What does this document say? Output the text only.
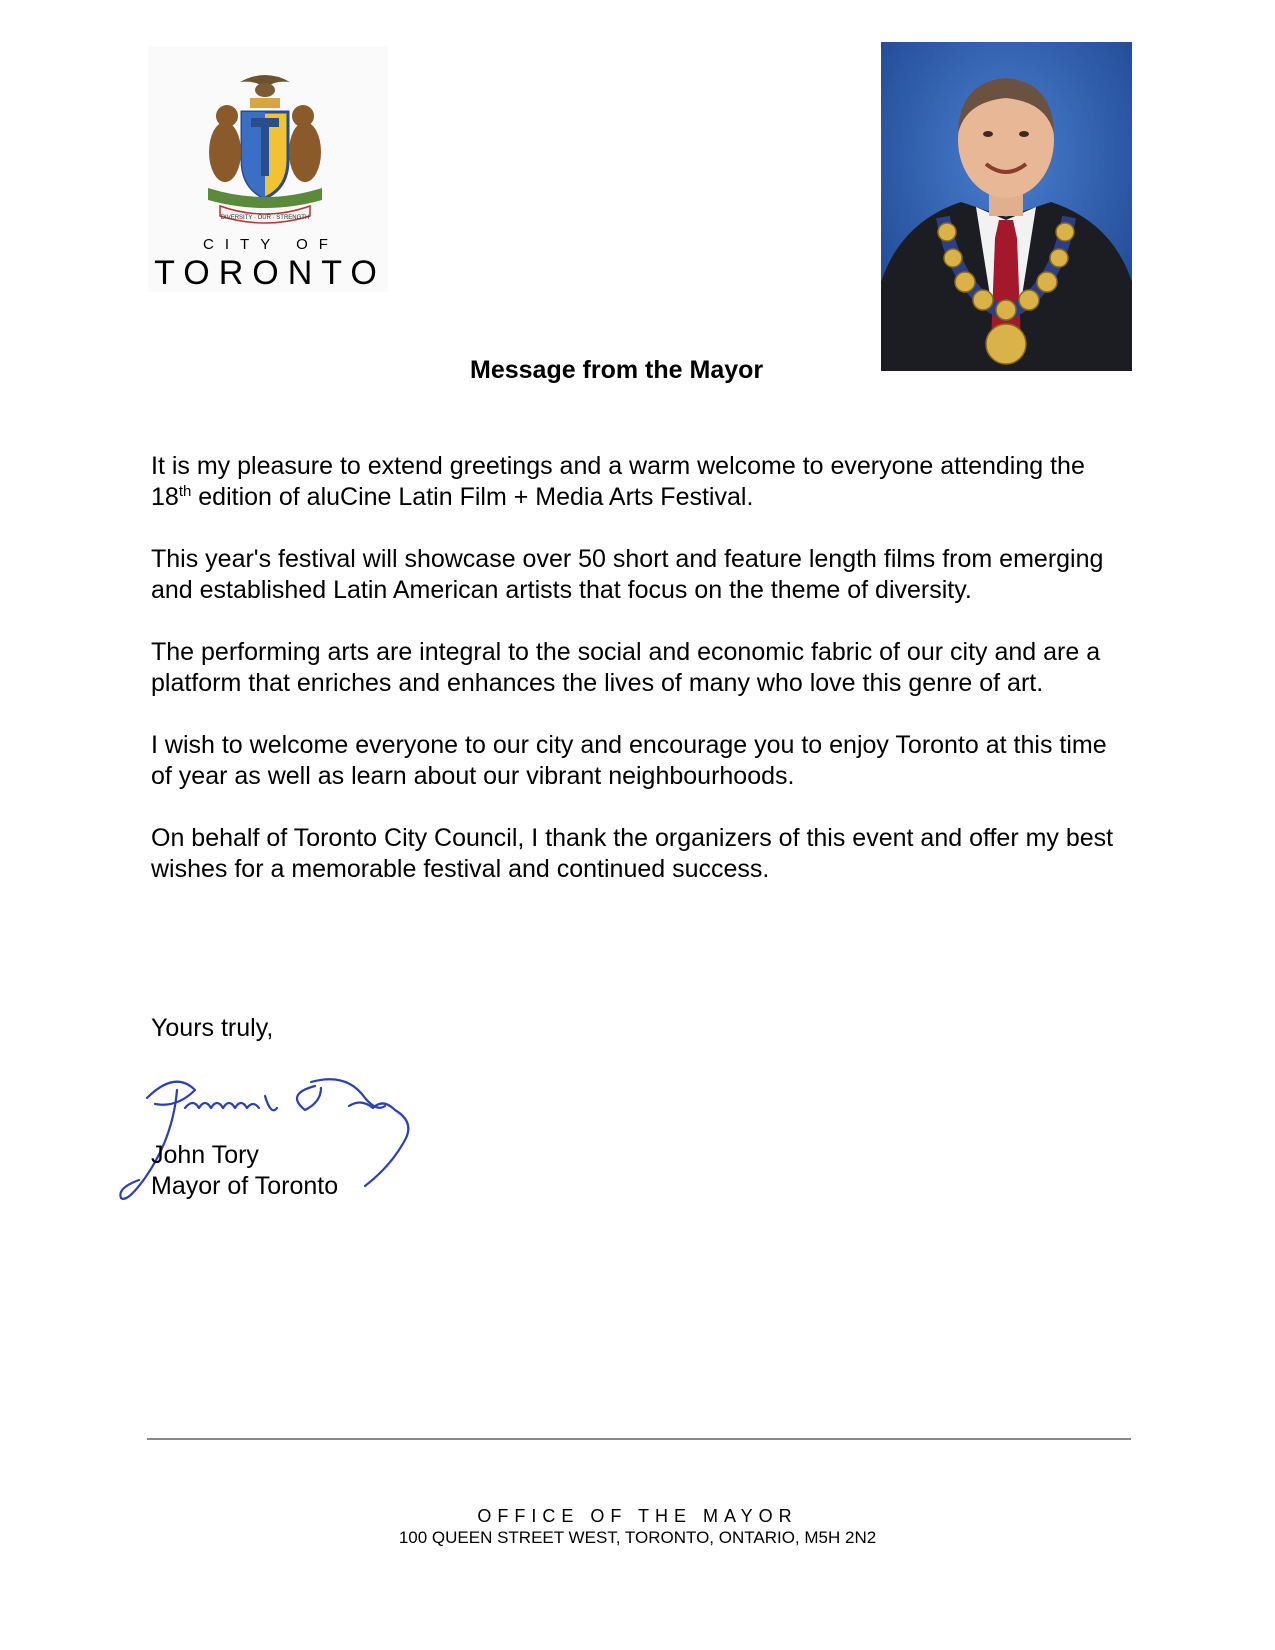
DIVERSITY · OUR · STRENGTH
CITY OF
TORONTO
Message from the Mayor

It is my pleasure to extend greetings and a warm welcome to everyone attending the 18th edition of aluCine Latin Film + Media Arts Festival.

This year's festival will showcase over 50 short and feature length films from emerging and established Latin American artists that focus on the theme of diversity.

The performing arts are integral to the social and economic fabric of our city and are a platform that enriches and enhances the lives of many who love this genre of art.

I wish to welcome everyone to our city and encourage you to enjoy Toronto at this time of year as well as learn about our vibrant neighbourhoods.

On behalf of Toronto City Council, I thank the organizers of this event and offer my best wishes for a memorable festival and continued success.

Yours truly,
John Tory
Mayor of Toronto
OFFICE OF THE MAYOR
100 QUEEN STREET WEST, TORONTO, ONTARIO, M5H 2N2
